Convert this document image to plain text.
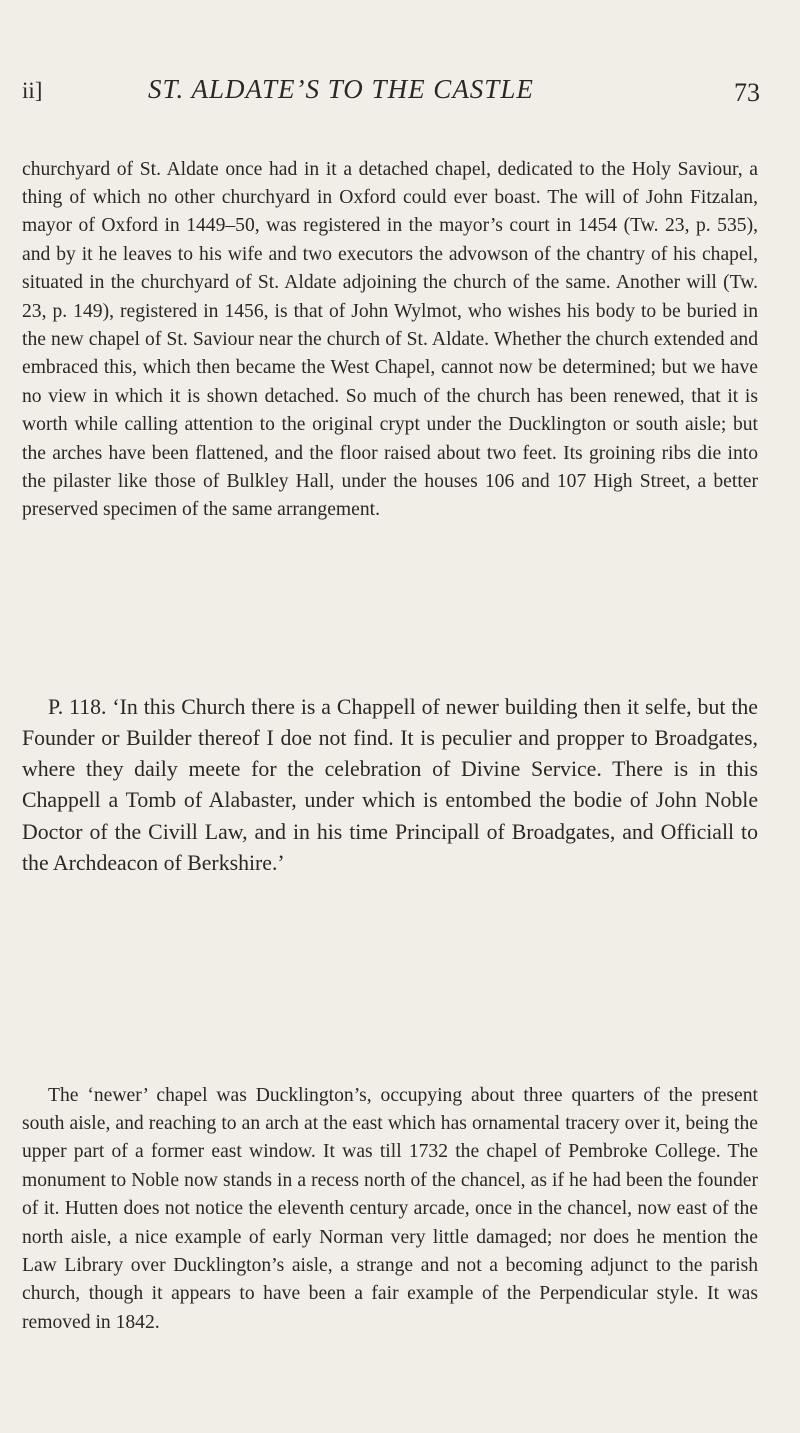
ii]	ST. ALDATE’S TO THE CASTLE	73

churchyard of St. Aldate once had in it a detached chapel, dedicated to the Holy Saviour, a thing of which no other churchyard in Oxford could ever boast. The will of John Fitzalan, mayor of Oxford in 1449–50, was registered in the mayor’s court in 1454 (Tw. 23, p. 535), and by it he leaves to his wife and two executors the advowson of the chantry of his chapel, situated in the churchyard of St. Aldate adjoining the church of the same. Another will (Tw. 23, p. 149), registered in 1456, is that of John Wylmot, who wishes his body to be buried in the new chapel of St. Saviour near the church of St. Aldate. Whether the church extended and embraced this, which then became the West Chapel, cannot now be determined; but we have no view in which it is shown detached. So much of the church has been renewed, that it is worth while calling attention to the original crypt under the Ducklington or south aisle; but the arches have been flattened, and the floor raised about two feet. Its groining ribs die into the pilaster like those of Bulkley Hall, under the houses 106 and 107 High Street, a better preserved specimen of the same arrangement.

P. 118. ‘In this Church there is a Chappell of newer building then it selfe, but the Founder or Builder thereof I doe not find. It is peculier and propper to Broadgates, where they daily meete for the celebration of Divine Service. There is in this Chappell a Tomb of Alabaster, under which is entombed the bodie of John Noble Doctor of the Civill Law, and in his time Principall of Broadgates, and Officiall to the Archdeacon of Berkshire.’

The ‘newer’ chapel was Ducklington’s, occupying about three quarters of the present south aisle, and reaching to an arch at the east which has ornamental tracery over it, being the upper part of a former east window. It was till 1732 the chapel of Pembroke College. The monument to Noble now stands in a recess north of the chancel, as if he had been the founder of it. Hutten does not notice the eleventh century arcade, once in the chancel, now east of the north aisle, a nice example of early Norman very little damaged; nor does he mention the Law Library over Ducklington’s aisle, a strange and not a becoming adjunct to the parish church, though it appears to have been a fair example of the Perpendicular style. It was removed in 1842.
